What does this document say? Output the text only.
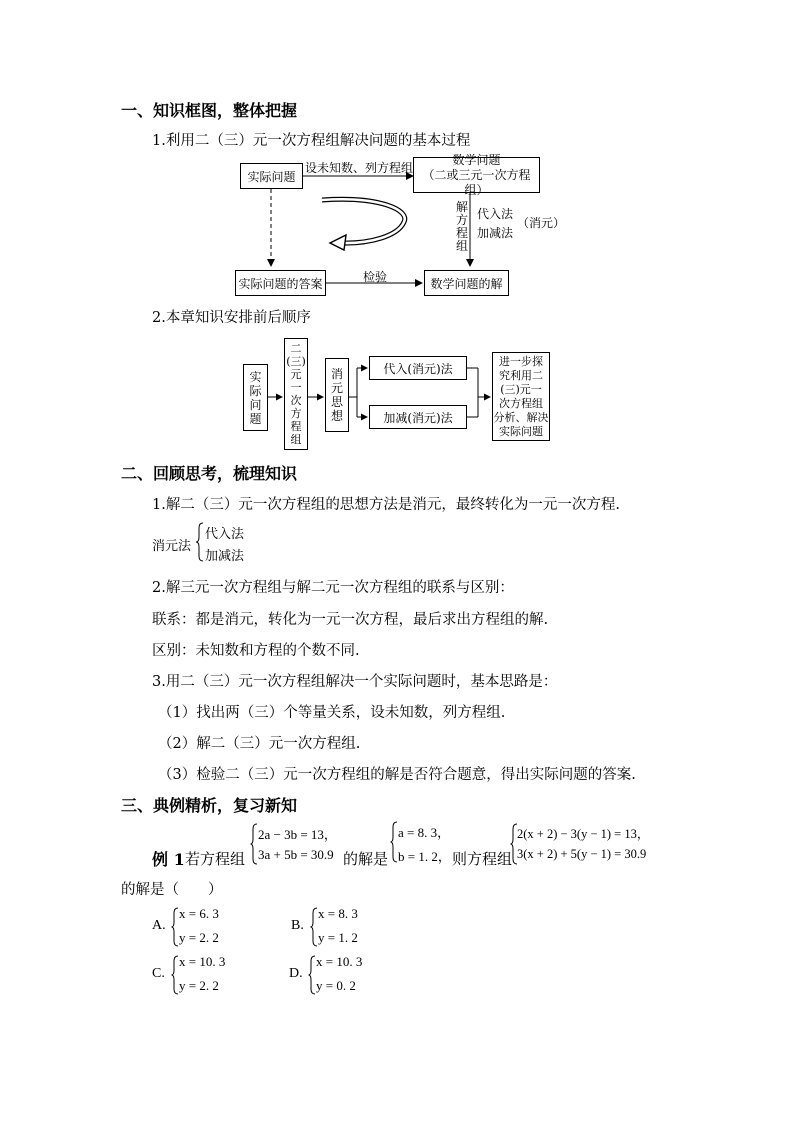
一、知识框图，整体把握
1.利用二（三）元一次方程组解决问题的基本过程
实际问题
设未知数、列方程组
数学问题
（二或三元一次方程组）
解
方
程
组
代入法
加减法
（消元）
实际问题的答案	检验	数学问题的解
2.本章知识安排前后顺序
实
际
问
题
二
(三)
元
一
次
方
程
组
消
元
思
想
代入(消元)法
加减(消元)法
进一步探
究利用二
(三)元一
次方程组
分析、解决
实际问题
二、回顾思考，梳理知识
1.解二（三）元一次方程组的思想方法是消元，最终转化为一元一次方程.
消元法
代入法
加减法
2.解三元一次方程组与解二元一次方程组的联系与区别：
联系：都是消元，转化为一元一次方程，最后求出方程组的解.
区别：未知数和方程的个数不同.
3.用二（三）元一次方程组解决一个实际问题时，基本思路是：
（1）找出两（三）个等量关系，设未知数，列方程组.
（2）解二（三）元一次方程组.
（3）检验二（三）元一次方程组的解是否符合题意，得出实际问题的答案.
三、典例精析，复习新知
例 1 若方程组
2a − 3b = 13，
3a + 5b = 30.9 的解是
a = 8. 3，
b = 1. 2， 则方程组
2(x + 2) − 3(y − 1) = 13，
3(x + 2) + 5(y − 1) = 30.9
的解是（　　）
A.
x = 6. 3
y = 2. 2
B.
x = 8. 3
y = 1. 2
C.
x = 10. 3
y = 2. 2
D.
x = 10. 3
y = 0. 2
